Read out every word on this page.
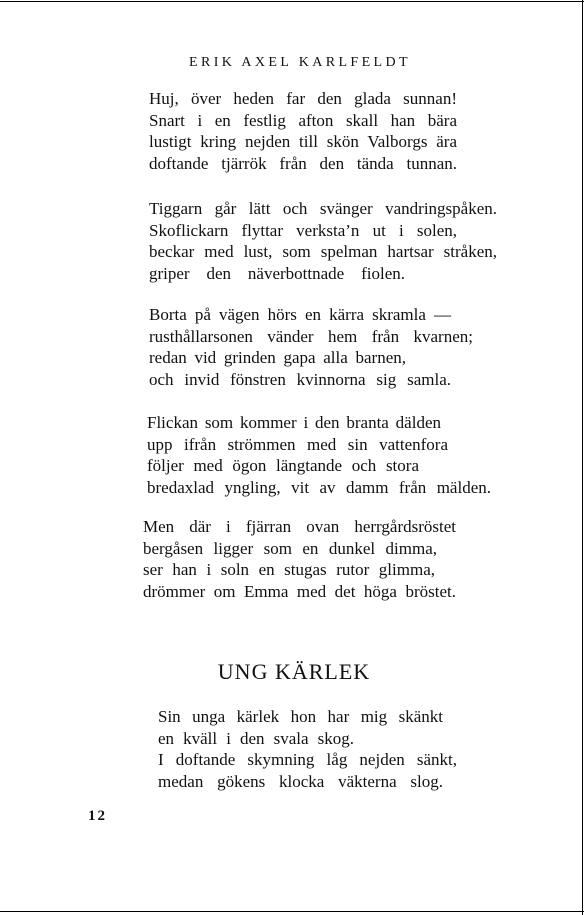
ERIK AXEL KARLFELDT
Huj, över heden far den glada sunnan!
Snart i en festlig afton skall han bära
lustigt kring nejden till skön Valborgs ära
doftande tjärrök från den tända tunnan.
Tiggarn går lätt och svänger vandringspåken.
Skoflickarn flyttar verksta’n ut i solen,
beckar med lust, som spelman hartsar stråken,
griper den näverbottnade fiolen.
Borta på vägen hörs en kärra skramla —
rusthållarsonen vänder hem från kvarnen;
redan vid grinden gapa alla barnen,
och invid fönstren kvinnorna sig samla.
Flickan som kommer i den branta dälden
upp ifrån strömmen med sin vattenfora
följer med ögon längtande och stora
bredaxlad yngling, vit av damm från mälden.
Men där i fjärran ovan herrgårdsröstet
bergåsen ligger som en dunkel dimma,
ser han i soln en stugas rutor glimma,
drömmer om Emma med det höga bröstet.
UNG KÄRLEK
Sin unga kärlek hon har mig skänkt
en kväll i den svala skog.
I doftande skymning låg nejden sänkt,
medan gökens klocka väkterna slog.
12
